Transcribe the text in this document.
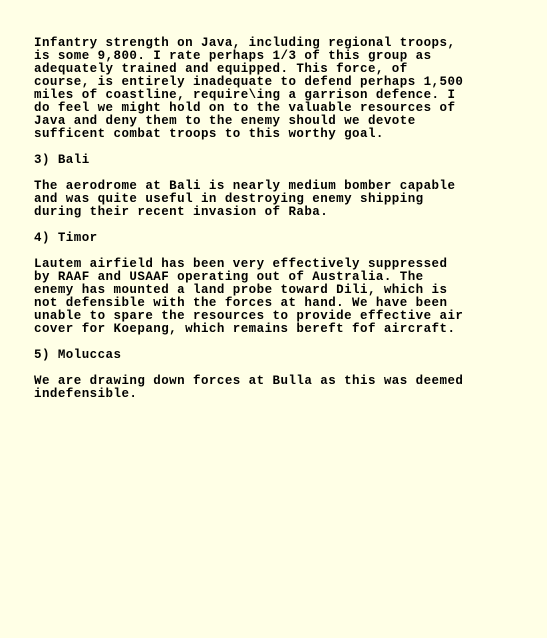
Infantry strength on Java, including regional troops,
is some 9,800. I rate perhaps 1/3 of this group as
adequately trained and equipped. This force, of
course, is entirely inadequate to defend perhaps 1,500
miles of coastline, require\ing a garrison defence. I
do feel we might hold on to the valuable resources of
Java and deny them to the enemy should we devote
sufficent combat troops to this worthy goal.

3) Bali

The aerodrome at Bali is nearly medium bomber capable
and was quite useful in destroying enemy shipping
during their recent invasion of Raba.

4) Timor

Lautem airfield has been very effectively suppressed
by RAAF and USAAF operating out of Australia. The
enemy has mounted a land probe toward Dili, which is
not defensible with the forces at hand. We have been
unable to spare the resources to provide effective air
cover for Koepang, which remains bereft fof aircraft.

5) Moluccas

We are drawing down forces at Bulla as this was deemed
indefensible.
